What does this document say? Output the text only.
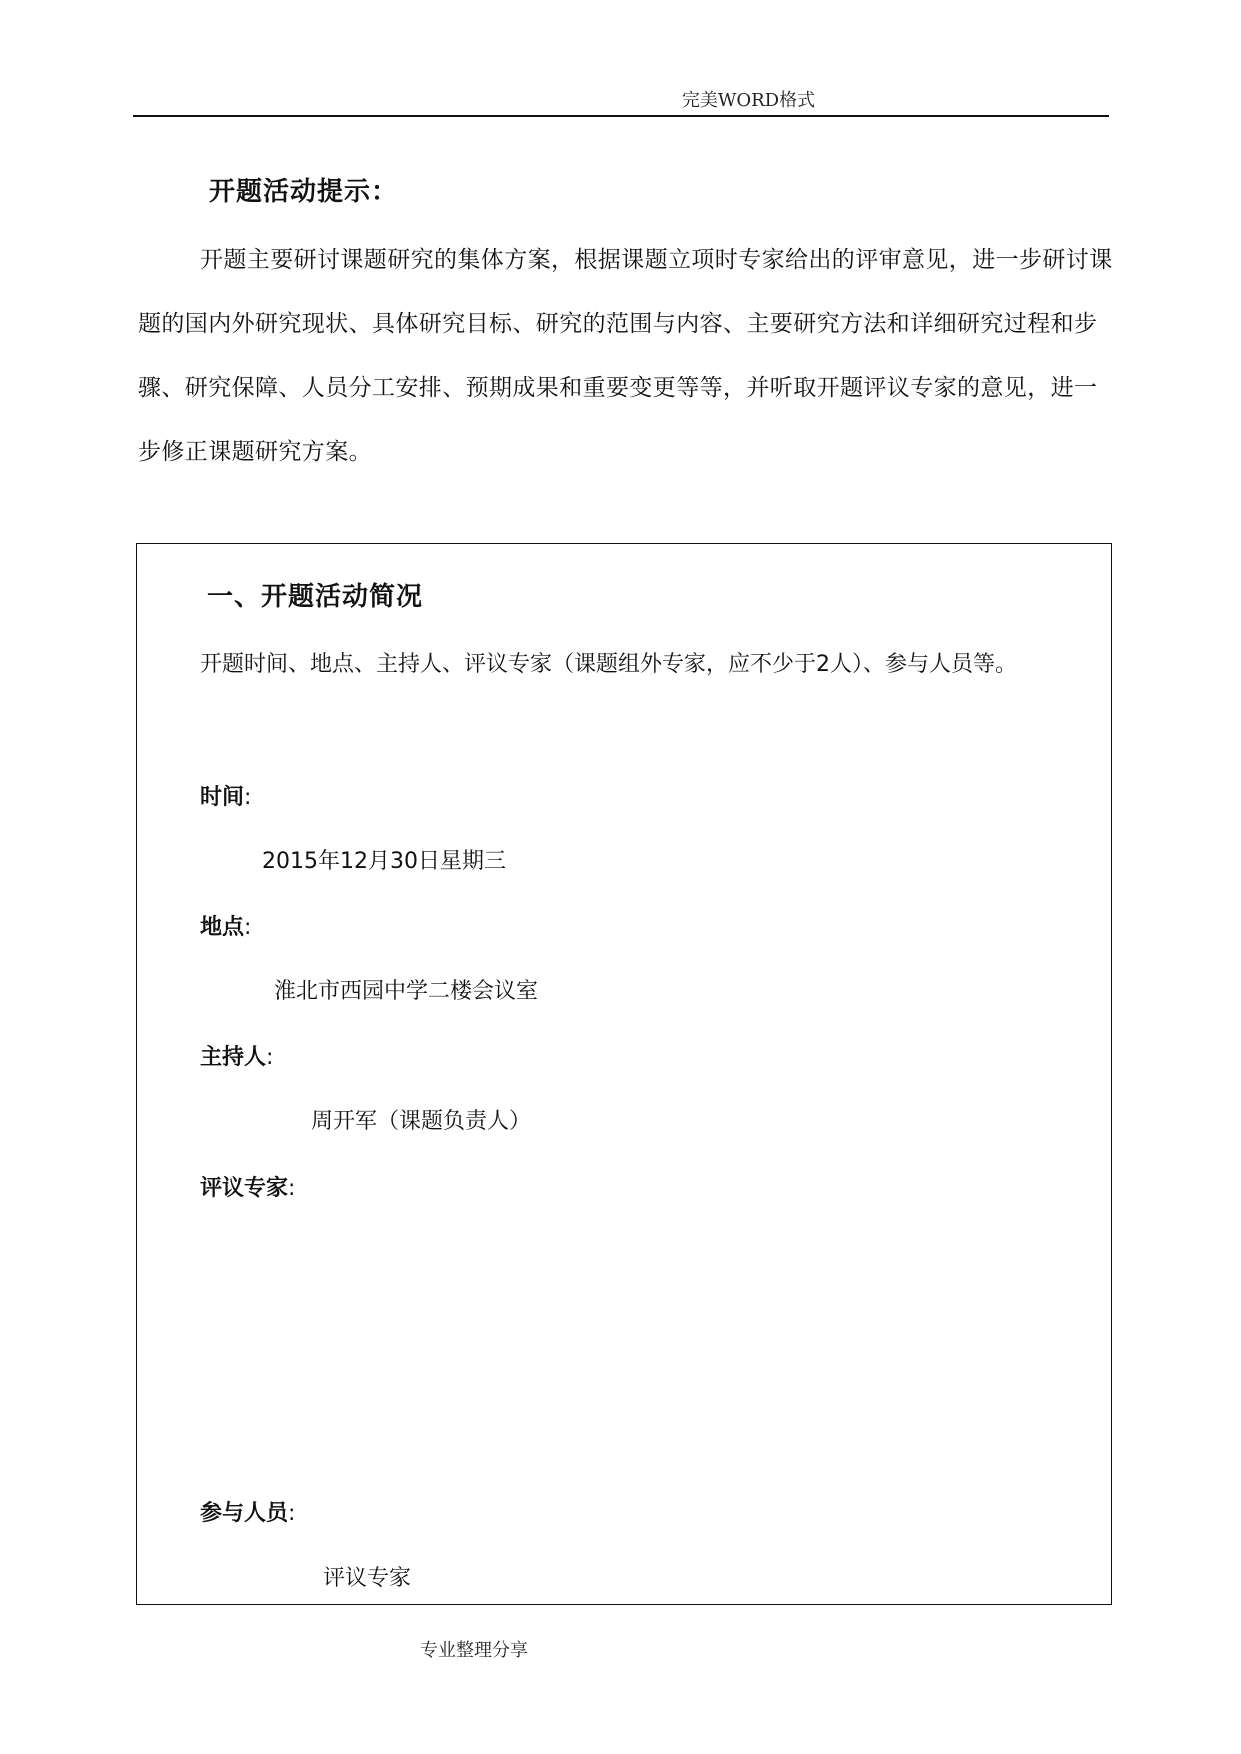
完美WORD格式
开题活动提示：

开题主要研讨课题研究的集体方案，根据课题立项时专家给出的评审意见，进一步研讨课题的国内外研究现状、具体研究目标、研究的范围与内容、主要研究方法和详细研究过程和步骤、研究保障、人员分工安排、预期成果和重要变更等等，并听取开题评议专家的意见，进一步修正课题研究方案。

一、开题活动简况
开题时间、地点、主持人、评议专家（课题组外专家，应不少于2人）、参与人员等。
时间:
2015年12月30日星期三
地点:
淮北市西园中学二楼会议室
主持人:
周开军（课题负责人）
评议专家:
参与人员:
评议专家
专业整理分享
